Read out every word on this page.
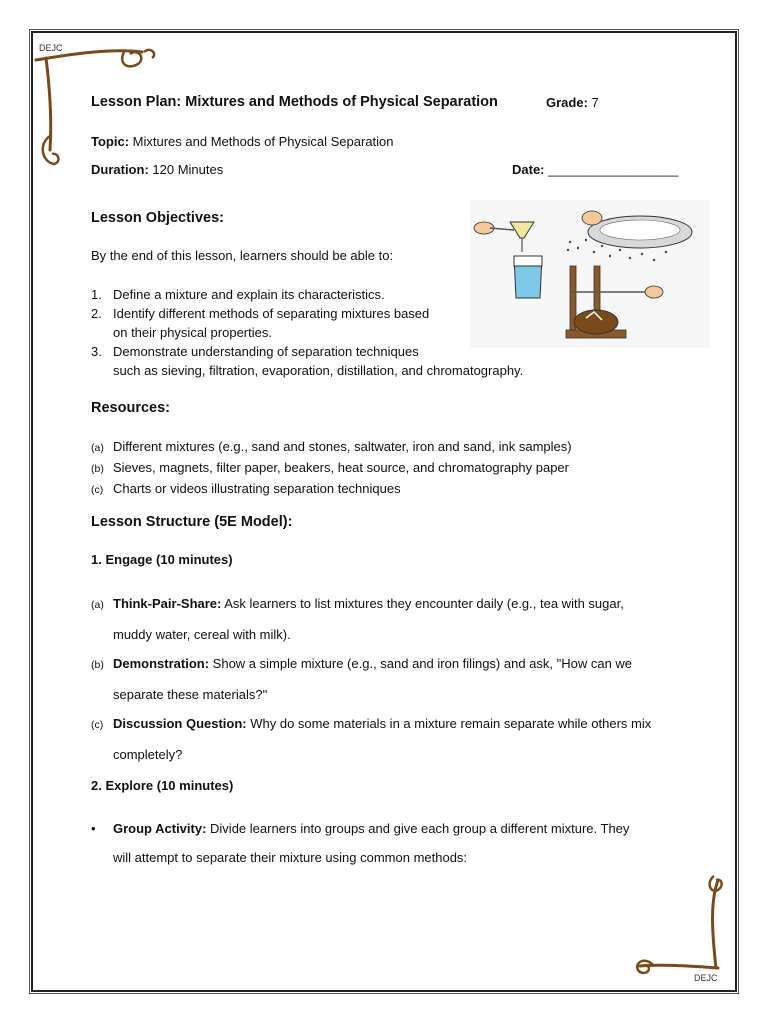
DEJC
DEJC
Lesson Plan: Mixtures and Methods of Physical Separation	Grade: 7
Topic: Mixtures and Methods of Physical Separation
Duration: 120 Minutes	Date: __________________
Lesson Objectives:
By the end of this lesson, learners should be able to:
1. Define a mixture and explain its characteristics.
2. Identify different methods of separating mixtures based
on their physical properties.
3. Demonstrate understanding of separation techniques
such as sieving, filtration, evaporation, distillation, and chromatography.
Resources:
(a) Different mixtures (e.g., sand and stones, saltwater, iron and sand, ink samples)
(b) Sieves, magnets, filter paper, beakers, heat source, and chromatography paper
(c) Charts or videos illustrating separation techniques
Lesson Structure (5E Model):
1. Engage (10 minutes)
(a) Think-Pair-Share: Ask learners to list mixtures they encounter daily (e.g., tea with sugar,
muddy water, cereal with milk).
(b) Demonstration: Show a simple mixture (e.g., sand and iron filings) and ask, "How can we
separate these materials?"
(c) Discussion Question: Why do some materials in a mixture remain separate while others mix
completely?
2. Explore (10 minutes)
• Group Activity: Divide learners into groups and give each group a different mixture. They
will attempt to separate their mixture using common methods:
